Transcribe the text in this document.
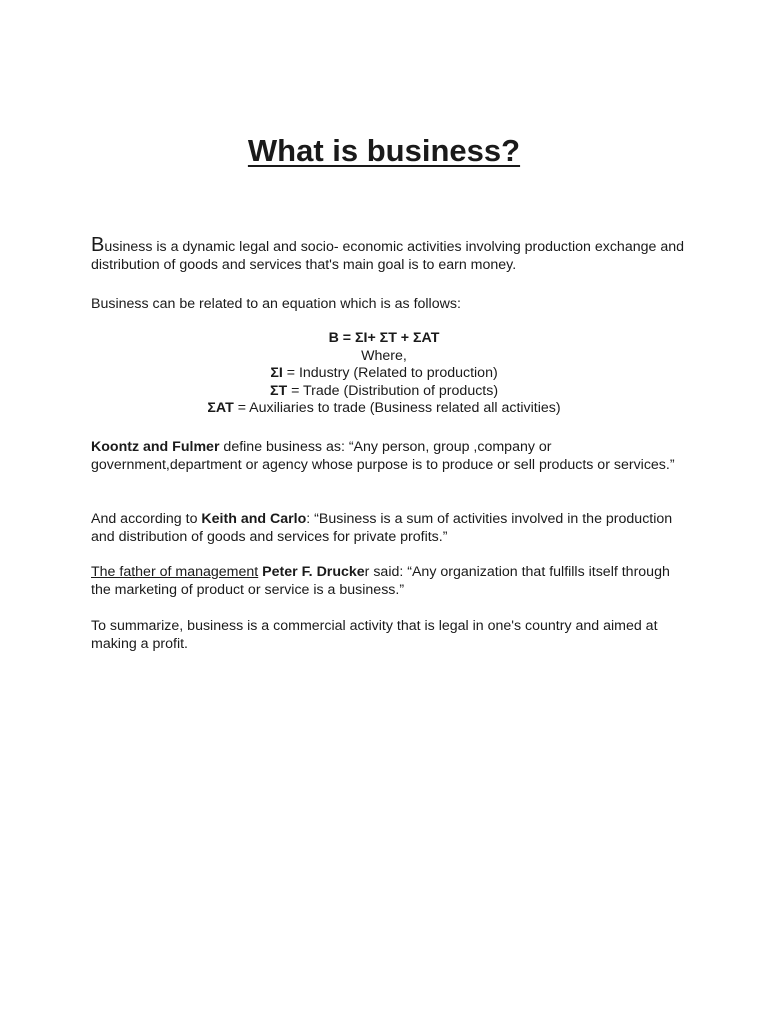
What is business?

Business is a dynamic legal and socio- economic activities involving production exchange and distribution of goods and services that's main goal is to earn money.

Business can be related to an equation which is as follows:

B = ΣI+ ΣT + ΣAT
Where,
ΣI = Industry (Related to production)
ΣT = Trade (Distribution of products)
ΣAT = Auxiliaries to trade (Business related all activities)

Koontz and Fulmer define business as: “Any person, group ,company or government,department or agency whose purpose is to produce or sell products or services.”

And according to Keith and Carlo: “Business is a sum of activities involved in the production and distribution of goods and services for private profits.”

The father of management Peter F. Drucker said: “Any organization that fulfills itself through the marketing of product or service is a business.”

To summarize, business is a commercial activity that is legal in one's country and aimed at making a profit.
